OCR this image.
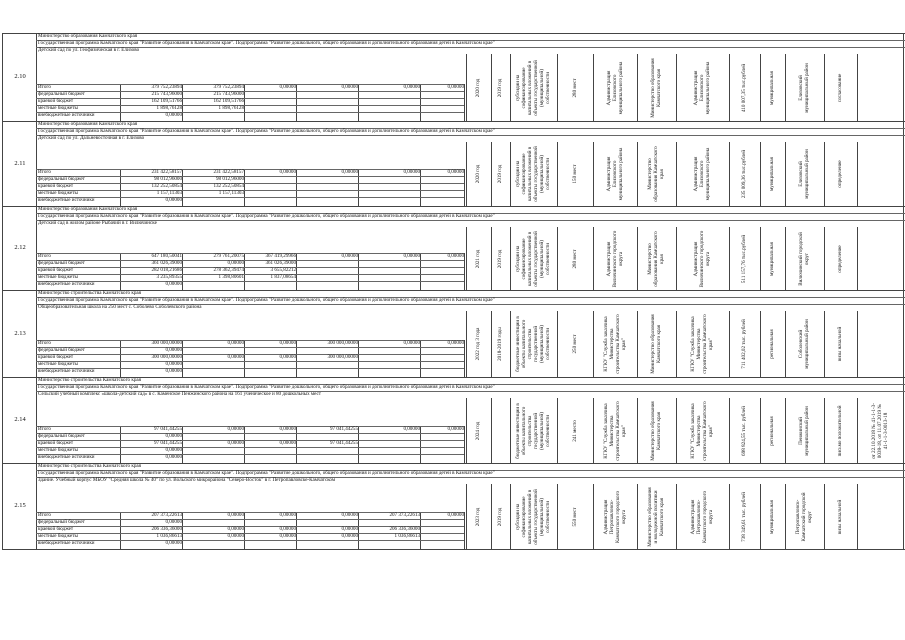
2.10
Министерство образования Камчатского края
Государственная программа Камчатского края "Развитие образования в Камчатском крае". Подпрограмма "Развитие дошкольного, общего образования и дополнительного образования детей в Камчатском крае"
Детский сад по ул. Геофизическая в г. Елизово
Итого	379 752,23894	379 752,23894	0,00000	0,00000	0,00000	0,00000
федеральный бюджет	215 743,96000	215 743,96000
краевой бюджет	162 109,51766	162 109,51766
местные бюджеты	1 898,76128	1 898,76128
внебюджетные источники	0,00000
2020 год	2019 год субсидии на софинансирование капитальных вложений в объекты государственной (муниципальной) собственности	280 мест	Администрация Елизовского муниципального района	Министерство образования Камчатского края	Администрация Елизовского муниципального района	410 007,35 тыс.рублей	муниципальная	Елизовский муниципальный район	согласование
2.11
Министерство образования Камчатского края
Государственная программа Камчатского края "Развитие образования в Камчатском крае". Подпрограмма "Развитие дошкольного, общего образования и дополнительного образования детей в Камчатском крае"
Детский сад по ул. Дальневосточная в г. Елизово
Итого	231 422,58157	231 422,58157	0,00000	0,00000	0,00000	0,00000
федеральный бюджет	98 012,96000	98 012,96000
краевой бюджет	132 252,50854	132 252,50854
местные бюджеты	1 157,11303	1 157,11303
внебюджетные источники	0,00000
2020 год	2019 год субсидии на софинансирование капитальных вложений в объекты государственной (муниципальной) собственности	150 мест	Администрация Елизовского муниципального района	Министерство образования Камчатского края	Администрация Елизовского муниципального района	235 009,36 тыс.рублей	муниципальная	Елизовский муниципальный район	определение
2.12
Министерство образования Камчатского края
Государственная программа Камчатского края "Развитие образования в Камчатском крае". Подпрограмма "Развитие дошкольного, общего образования и дополнительного образования детей в Камчатском крае"
Детский сад в жилом районе Рыбачий в г. Вилючинске
Итого	647 180,50041	279 761,20075	367 419,29966	0,00000	0,00000	0,00000
федеральный бюджет	361 026,39000	0,00000	361 026,39000
краевой бюджет	282 018,21686	278 362,39474	3 655,82212
местные бюджеты	3 235,89355	1 398,80601	1 837,08654
внебюджетные источники	0,00000
2021 год	2019 год субсидии на софинансирование капитальных вложений в объекты государственной (муниципальной) собственности	280 мест	Администрация Вилючинского городского округа	Министерство образования Камчатского края	Администрация Вилючинского городского округа	511 157,76 тыс.рублей	муниципальная	Вилючинский городской округ	определение
2.13
Министерство строительства Камчатского края
Государственная программа Камчатского края "Развитие образования в Камчатском крае". Подпрограмма "Развитие дошкольного, общего образования и дополнительного образования детей в Камчатском крае"
Общеобразовательная школа на 250 мест с. Соболево Соболевского района
Итого	300 000,00000	0,00000	0,00000	300 000,00000	0,00000	0,00000
федеральный бюджет	0,00000
краевой бюджет	300 000,00000	0,00000	0,00000	300 000,00000
местные бюджеты	0,00000
внебюджетные источники	0,00000
2022 год 3 года	2018-2019 годы бюджетные инвестиции в объекты капитального строительства государственной (муниципальной) собственности	250 мест	КГКУ "Служба заказчика Министерства строительства Камчатского края"	Министерство образования Камчатского края	КГКУ "Служба заказчика Министерства строительства Камчатского края"	711 402,02 тыс. рублей	региональная	Соболевский муниципальный район	визы начальной
2.14
Министерство строительства Камчатского края
Государственная программа Камчатского края "Развитие образования в Камчатском крае". Подпрограмма "Развитие дошкольного, общего образования и дополнительного образования детей в Камчатском крае"
Сельский учебный комплекс «школа-детский сад» в с. Каменское Пенжинского района на 161 ученическое и 80 дошкольных мест
Итого	97 041,44255	0,00000	0,00000	97 041,44255	0,00000	0,00000
федеральный бюджет	0,00000
краевой бюджет	97 041,44255	0,00000	0,00000	97 041,44255
местные бюджеты	0,00000
внебюджетные источники	0,00000
2024 год	бюджетные инвестиции в объекты капитального строительства государственной (муниципальной) собственности	241 место	КГКУ "Служба заказчика Министерства строительства Камчатского края"	Министерство образования Камчатского края	КГКУ "Служба заказчика Министерства строительства Камчатского края"	698 824,55 тыс. рублей	региональная	Пенжинский муниципальный район	письмо положительной	от 22.10.2018 № 41-1-1-3-0038-18, от 11.07.2019 № 41-1-1-3-0013-18
2.15
Министерство строительства Камчатского края
Государственная программа Камчатского края "Развитие образования в Камчатском крае". Подпрограмма "Развитие дошкольного, общего образования и дополнительного образования детей в Камчатском крае"
Здание. Учебный корпус МБОУ "Средняя школа № 40" по ул. Вольского микрорайона "Северо-Восток" в г. Петропавловске-Камчатском
Итого	207 373,22613	0,00000	0,00000	0,00000	207 373,22613	0,00000
федеральный бюджет	0,00000
краевой бюджет	206 336,36000	0,00000	0,00000	0,00000	206 336,36000
местные бюджеты	1 036,86613	0,00000	0,00000	0,00000	1 036,86613
внебюджетные источники	0,00000
2023 год	2019 год субсидии на софинансирование капитальных вложений в объекты государственной (муниципальной) собственности	550 мест	Администрация Петропавловск-Камчатского городского округа	Министерство образования и молодежной политики Камчатского края	Администрация Петропавловск-Камчатского городского округа	738 349,61 тыс. рублей	муниципальная	Петропавловск-Камчатский городской округ	визы начальной
